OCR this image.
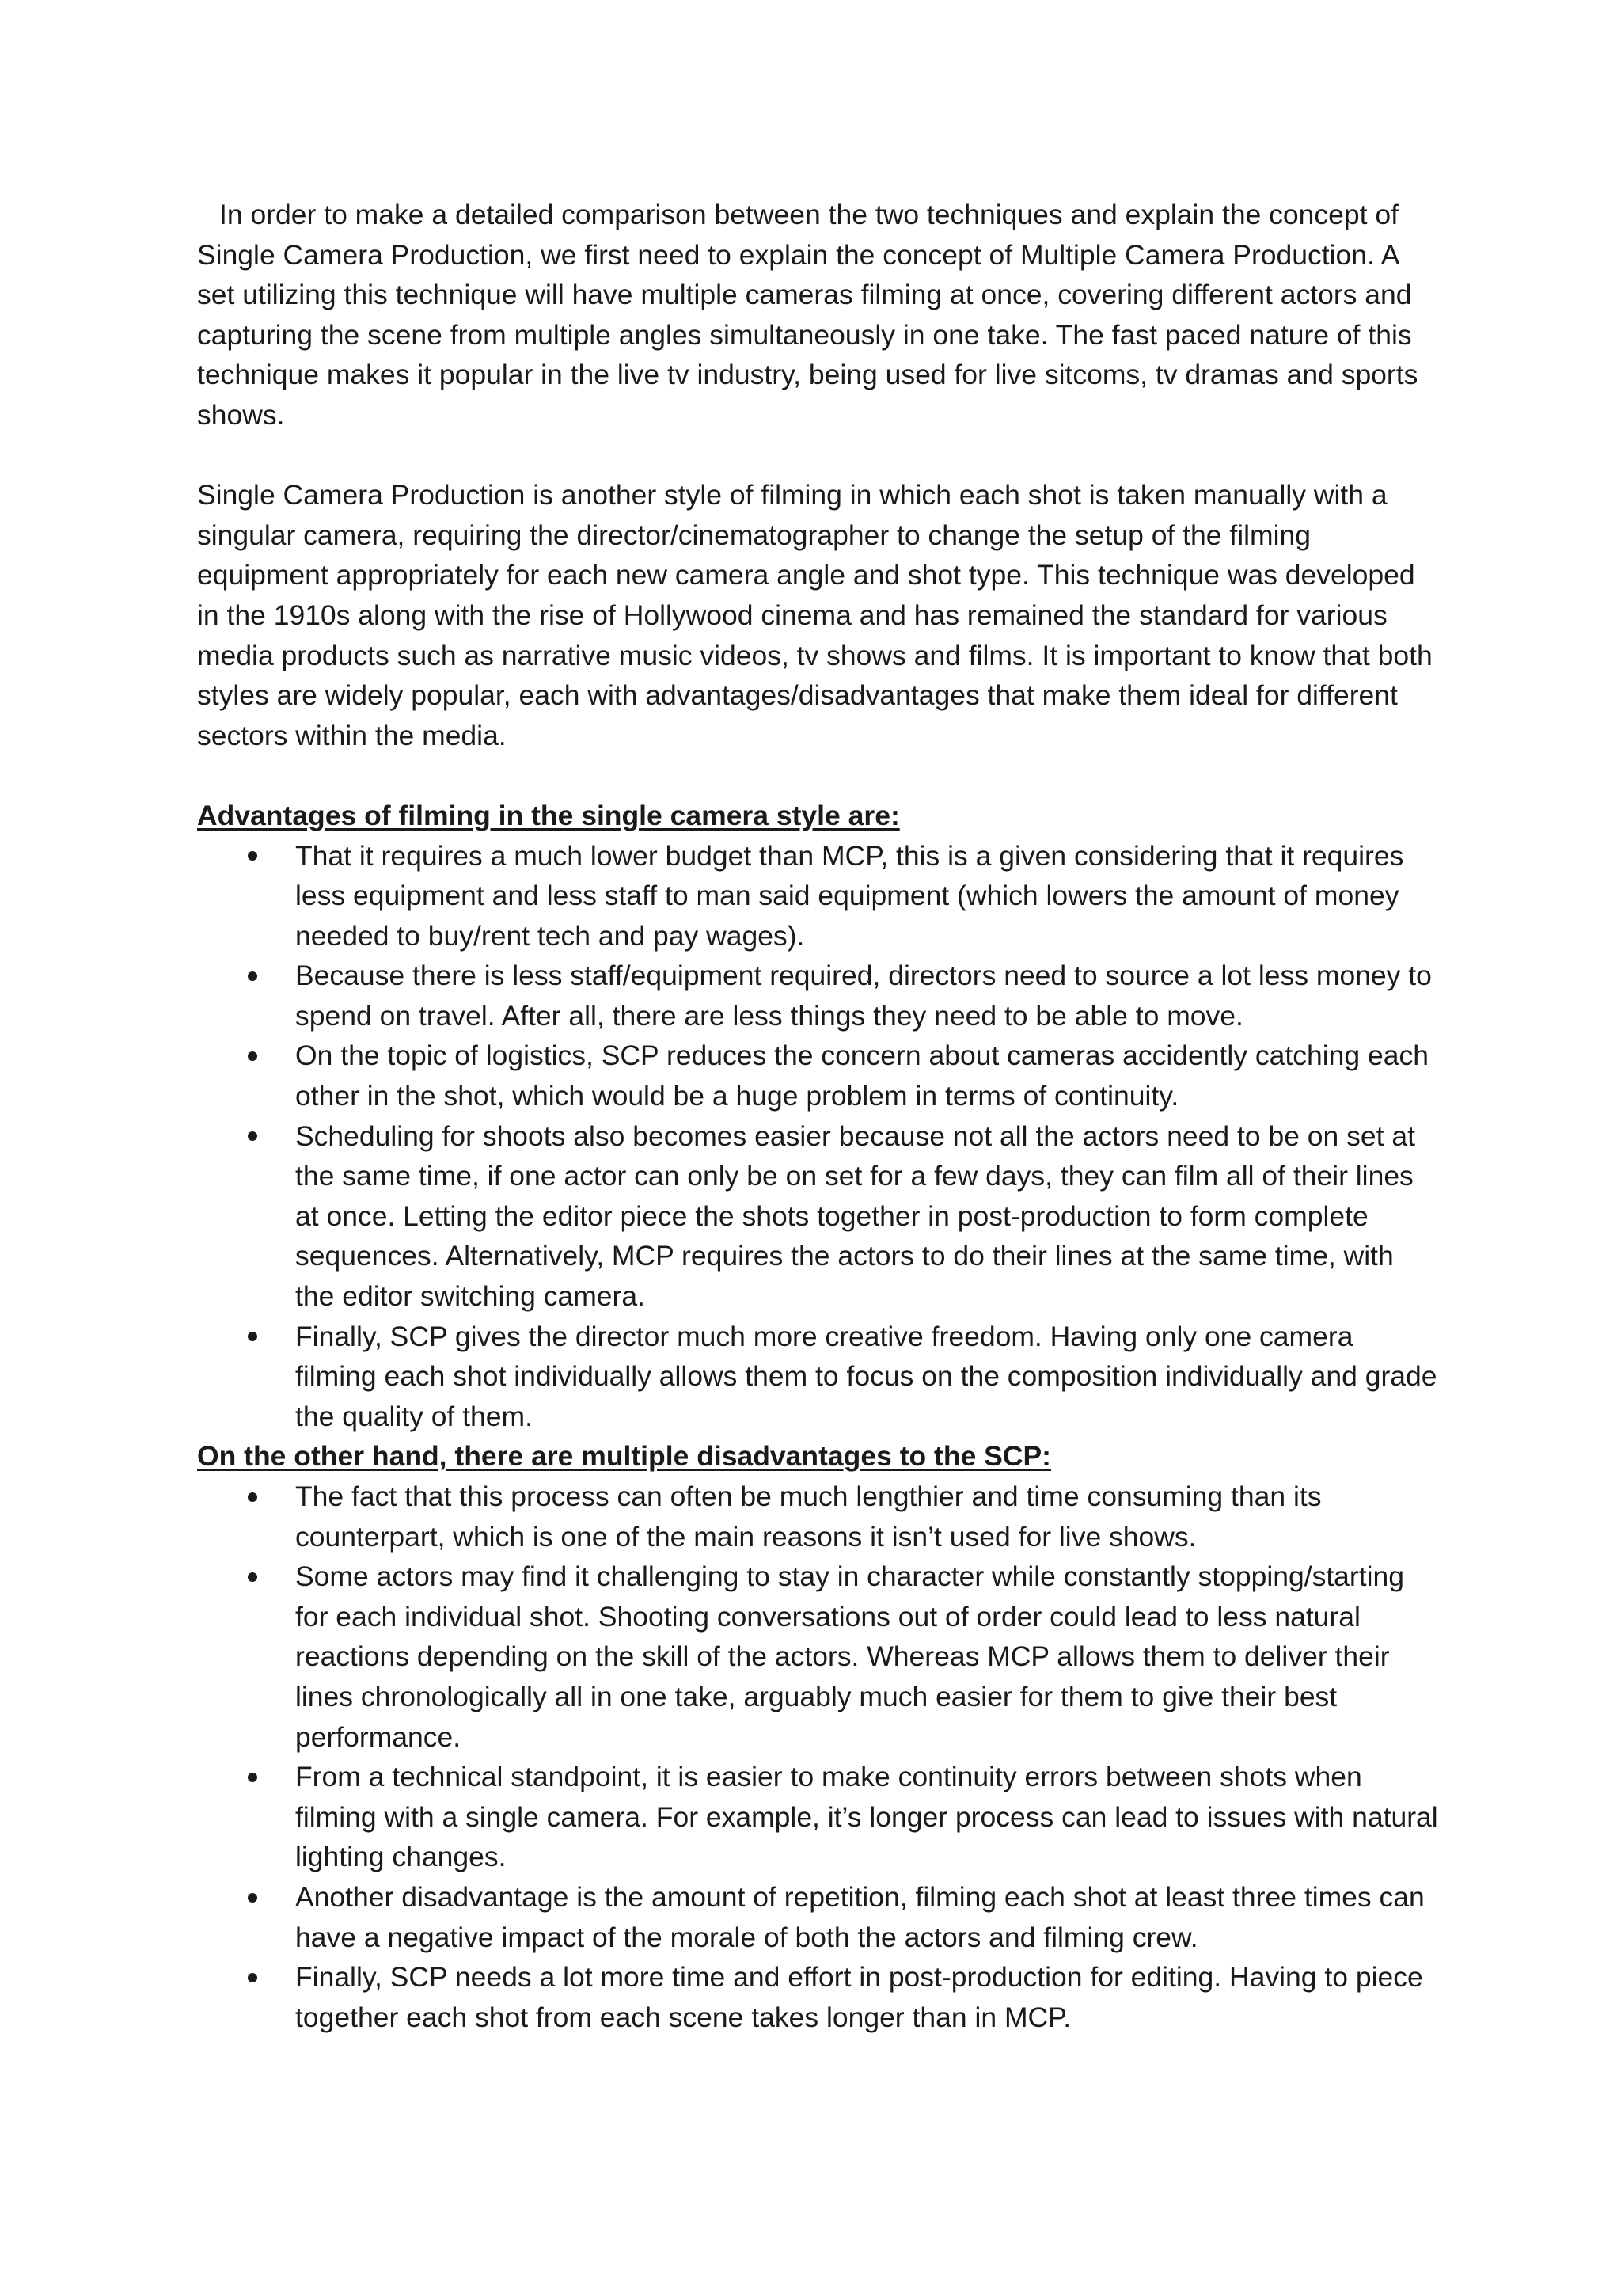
In order to make a detailed comparison between the two techniques and explain the concept of Single Camera Production, we first need to explain the concept of Multiple Camera Production. A set utilizing this technique will have multiple cameras filming at once, covering different actors and capturing the scene from multiple angles simultaneously in one take. The fast paced nature of this technique makes it popular in the live tv industry, being used for live sitcoms, tv dramas and sports shows.

Single Camera Production is another style of filming in which each shot is taken manually with a singular camera, requiring the director/cinematographer to change the setup of the filming equipment appropriately for each new camera angle and shot type. This technique was developed in the 1910s along with the rise of Hollywood cinema and has remained the standard for various media products such as narrative music videos, tv shows and films. It is important to know that both styles are widely popular, each with advantages/disadvantages that make them ideal for different sectors within the media.

Advantages of filming in the single camera style are:

That it requires a much lower budget than MCP, this is a given considering that it requires less equipment and less staff to man said equipment (which lowers the amount of money needed to buy/rent tech and pay wages).
Because there is less staff/equipment required, directors need to source a lot less money to spend on travel. After all, there are less things they need to be able to move.
On the topic of logistics, SCP reduces the concern about cameras accidently catching each other in the shot, which would be a huge problem in terms of continuity.
Scheduling for shoots also becomes easier because not all the actors need to be on set at the same time, if one actor can only be on set for a few days, they can film all of their lines at once. Letting the editor piece the shots together in post-production to form complete sequences. Alternatively, MCP requires the actors to do their lines at the same time, with the editor switching camera.
Finally, SCP gives the director much more creative freedom. Having only one camera filming each shot individually allows them to focus on the composition individually and grade the quality of them.

On the other hand, there are multiple disadvantages to the SCP:

The fact that this process can often be much lengthier and time consuming than its counterpart, which is one of the main reasons it isn’t used for live shows.
Some actors may find it challenging to stay in character while constantly stopping/starting for each individual shot. Shooting conversations out of order could lead to less natural reactions depending on the skill of the actors. Whereas MCP allows them to deliver their lines chronologically all in one take, arguably much easier for them to give their best performance.
From a technical standpoint, it is easier to make continuity errors between shots when filming with a single camera. For example, it’s longer process can lead to issues with natural lighting changes.
Another disadvantage is the amount of repetition, filming each shot at least three times can have a negative impact of the morale of both the actors and filming crew.
Finally, SCP needs a lot more time and effort in post-production for editing. Having to piece together each shot from each scene takes longer than in MCP.
